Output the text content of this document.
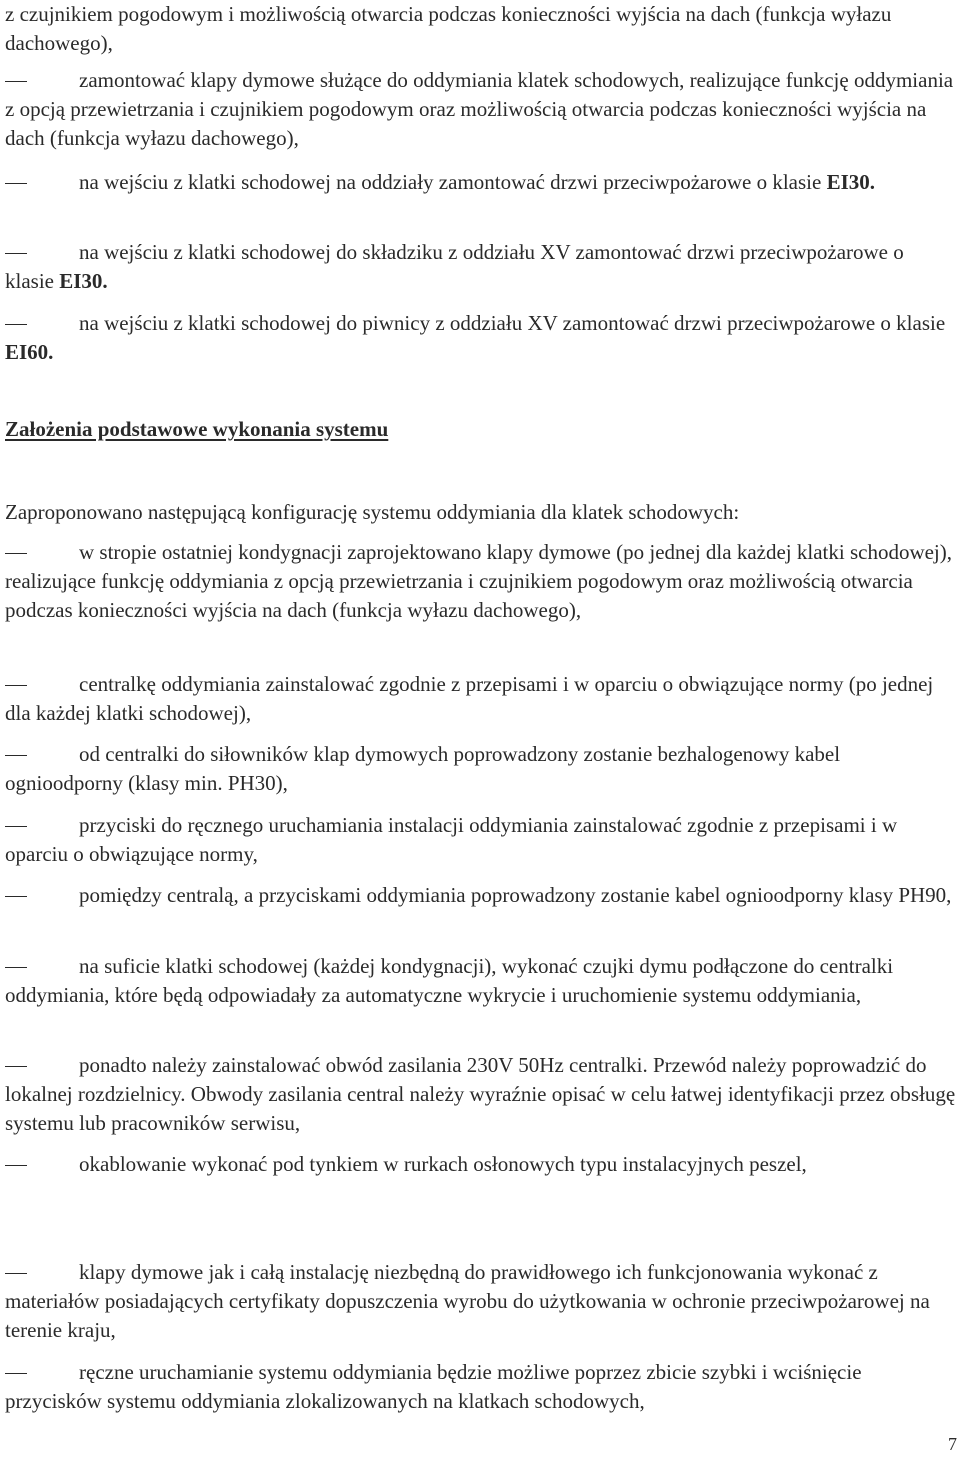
z czujnikiem pogodowym i możliwością otwarcia podczas konieczności wyjścia na dach (funkcja wyłazu dachowego),

zamontować klapy dymowe służące do oddymiania klatek schodowych, realizujące funkcję oddymiania z opcją przewietrzania i czujnikiem pogodowym oraz możliwością otwarcia podczas konieczności wyjścia na dach (funkcja wyłazu dachowego),

na wejściu z klatki schodowej na oddziały zamontować drzwi przeciwpożarowe o klasie EI30.

na wejściu z klatki schodowej do składziku z oddziału XV zamontować drzwi przeciwpożarowe o klasie EI30.

na wejściu z klatki schodowej do piwnicy z oddziału XV zamontować drzwi przeciwpożarowe o klasie EI60.

Założenia podstawowe wykonania systemu
Zaproponowano następującą konfigurację systemu oddymiania dla klatek schodowych:

w stropie ostatniej kondygnacji zaprojektowano klapy dymowe (po jednej dla każdej klatki schodowej), realizujące funkcję oddymiania z opcją przewietrzania i czujnikiem pogodowym oraz możliwością otwarcia podczas konieczności wyjścia na dach (funkcja wyłazu dachowego),

centralkę oddymiania zainstalować zgodnie z przepisami i w oparciu o obwiązujące normy (po jednej dla każdej klatki schodowej),

od centralki do siłowników klap dymowych poprowadzony zostanie bezhalogenowy kabel ognioodporny (klasy min. PH30),

przyciski do ręcznego uruchamiania instalacji oddymiania zainstalować zgodnie z przepisami i w oparciu o obwiązujące normy,

pomiędzy centralą, a przyciskami oddymiania poprowadzony zostanie kabel ognioodporny klasy PH90,

na suficie klatki schodowej (każdej kondygnacji), wykonać czujki dymu podłączone do centralki oddymiania, które będą odpowiadały za automatyczne wykrycie i uruchomienie systemu oddymiania,

ponadto należy zainstalować obwód zasilania 230V 50Hz centralki. Przewód należy poprowadzić do lokalnej rozdzielnicy. Obwody zasilania central należy wyraźnie opisać w celu łatwej identyfikacji przez obsługę systemu lub pracowników serwisu,

okablowanie wykonać pod tynkiem w rurkach osłonowych typu instalacyjnych peszel,

klapy dymowe jak i całą instalację niezbędną do prawidłowego ich funkcjonowania wykonać z materiałów posiadających certyfikaty dopuszczenia wyrobu do użytkowania w ochronie przeciwpożarowej na terenie kraju,

ręczne uruchamianie systemu oddymiania będzie możliwe poprzez zbicie szybki i wciśnięcie przycisków systemu oddymiania zlokalizowanych na klatkach schodowych,

7
